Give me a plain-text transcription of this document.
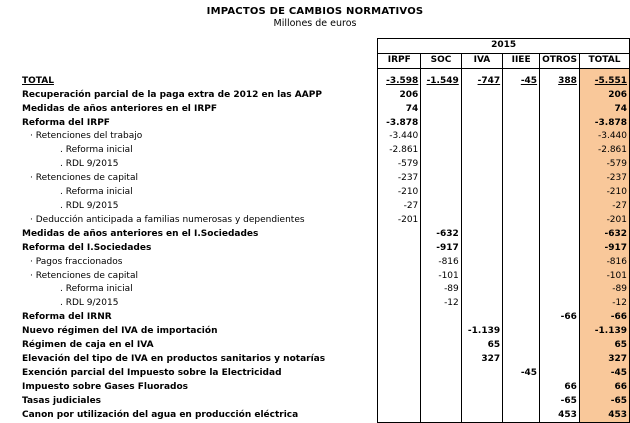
IMPACTOS DE CAMBIOS NORMATIVOS
Millones de euros
	2015					
	IRPF	SOC	IVA	IIEE	OTROS	TOTAL

TOTAL	-3.598	-1.549	-747	-45	388	-5.551
Recuperación parcial de la paga extra de 2012 en las AAPP	206					206
Medidas de años anteriores en el IRPF	74					74
Reforma del IRPF	-3.878					-3.878
· Retenciones del trabajo	-3.440					-3.440
. Reforma inicial	-2.861					-2.861
. RDL 9/2015	-579					-579
· Retenciones de capital	-237					-237
. Reforma inicial	-210					-210
. RDL 9/2015	-27					-27
· Deducción anticipada a familias numerosas y dependientes	-201					-201
Medidas de años anteriores en el I.Sociedades		-632				-632
Reforma del I.Sociedades		-917				-917
· Pagos fraccionados		-816				-816
· Retenciones de capital		-101				-101
. Reforma inicial		-89				-89
. RDL 9/2015		-12				-12
Reforma del IRNR					-66	-66
Nuevo régimen del IVA de importación			-1.139			-1.139
Régimen de caja en el IVA			65			65
Elevación del tipo de IVA en productos sanitarios y notarías			327			327
Exención parcial del Impuesto sobre la Electricidad				-45		-45
Impuesto sobre Gases Fluorados					66	66
Tasas judiciales					-65	-65
Canon por utilización del agua en producción eléctrica					453	453
